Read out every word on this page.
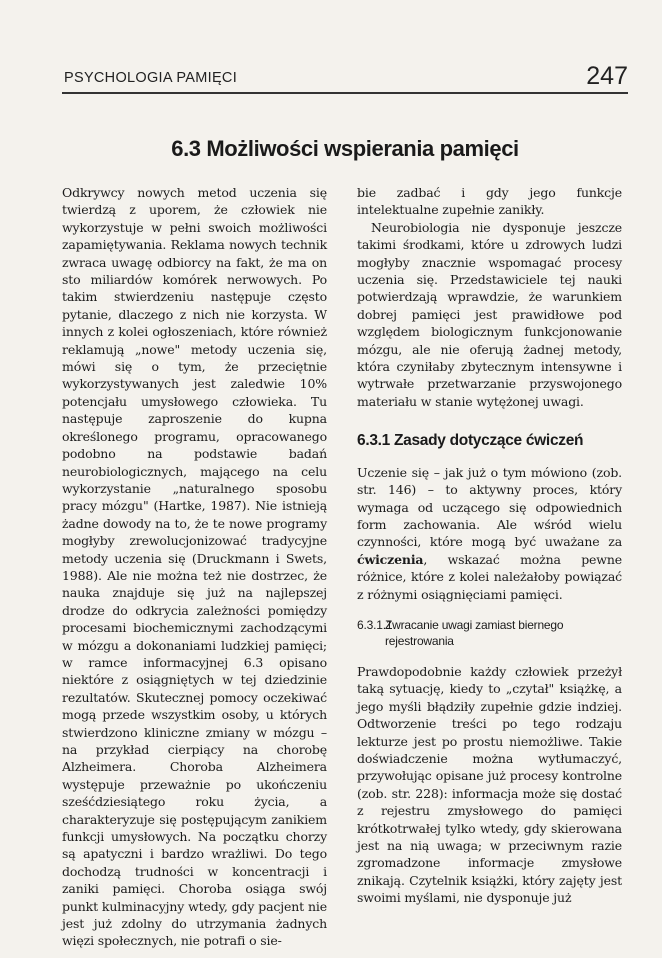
PSYCHOLOGIA PAMIĘCI	247
6.3 Możliwości wspierania pamięci

Odkrywcy nowych metod uczenia się twierdzą z uporem, że człowiek nie wykorzystuje w pełni swoich możliwości zapamiętywania. Reklama nowych technik zwraca uwagę odbiorcy na fakt, że ma on sto miliardów komórek nerwowych. Po takim stwierdzeniu następuje często pytanie, dlaczego z nich nie korzysta. W innych z kolei ogłoszeniach, które również reklamują „nowe" metody uczenia się, mówi się o tym, że przeciętnie wykorzystywanych jest zaledwie 10% potencjału umysłowego człowieka. Tu następuje zaproszenie do kupna określonego programu, opracowanego podobno na podstawie badań neurobiologicznych, mającego na celu wykorzystanie „naturalnego sposobu pracy mózgu" (Hartke, 1987). Nie istnieją żadne dowody na to, że te nowe programy mogłyby zrewolucjonizować tradycyjne metody uczenia się (Druckmann i Swets, 1988). Ale nie można też nie dostrzec, że nauka znajduje się już na najlepszej drodze do odkrycia zależności pomiędzy procesami biochemicznymi zachodzącymi w mózgu a dokonaniami ludzkiej pamięci; w ramce informacyjnej 6.3 opisano niektóre z osiągniętych w tej dziedzinie rezultatów. Skutecznej pomocy oczekiwać mogą przede wszystkim osoby, u których stwierdzono kliniczne zmiany w mózgu – na przykład cierpiący na chorobę Alzheimera. Choroba Alzheimera występuje przeważnie po ukończeniu sześćdziesiątego roku życia, a charakteryzuje się postępującym zanikiem funkcji umysłowych. Na początku chorzy są apatyczni i bardzo wrażliwi. Do tego dochodzą trudności w koncentracji i zaniki pamięci. Choroba osiąga swój punkt kulminacyjny wtedy, gdy pacjent nie jest już zdolny do utrzymania żadnych więzi społecznych, nie potrafi o sie-

bie zadbać i gdy jego funkcje intelektualne zupełnie zanikły.

Neurobiologia nie dysponuje jeszcze takimi środkami, które u zdrowych ludzi mogłyby znacznie wspomagać procesy uczenia się. Przedstawiciele tej nauki potwierdzają wprawdzie, że warunkiem dobrej pamięci jest prawidłowe pod względem biologicznym funkcjonowanie mózgu, ale nie oferują żadnej metody, która czyniłaby zbytecznym intensywne i wytrwałe przetwarzanie przyswojonego materiału w stanie wytężonej uwagi.

6.3.1 Zasady dotyczące ćwiczeń

Uczenie się – jak już o tym mówiono (zob. str. 146) – to aktywny proces, który wymaga od uczącego się odpowiednich form zachowania. Ale wśród wielu czynności, które mogą być uważane za ćwiczenia, wskazać można pewne różnice, które z kolei należałoby powiązać z różnymi osiągnięciami pamięci.

6.3.1.1Zwracanie uwagi zamiast biernego rejestrowania

Prawdopodobnie każdy człowiek przeżył taką sytuację, kiedy to „czytał" książkę, a jego myśli błądziły zupełnie gdzie indziej. Odtworzenie treści po tego rodzaju lekturze jest po prostu niemożliwe. Takie doświadczenie można wytłumaczyć, przywołując opisane już procesy kontrolne (zob. str. 228): informacja może się dostać z rejestru zmysłowego do pamięci krótkotrwałej tylko wtedy, gdy skierowana jest na nią uwaga; w przeciwnym razie zgromadzone informacje zmysłowe znikają. Czytelnik książki, który zajęty jest swoimi myślami, nie dysponuje już
